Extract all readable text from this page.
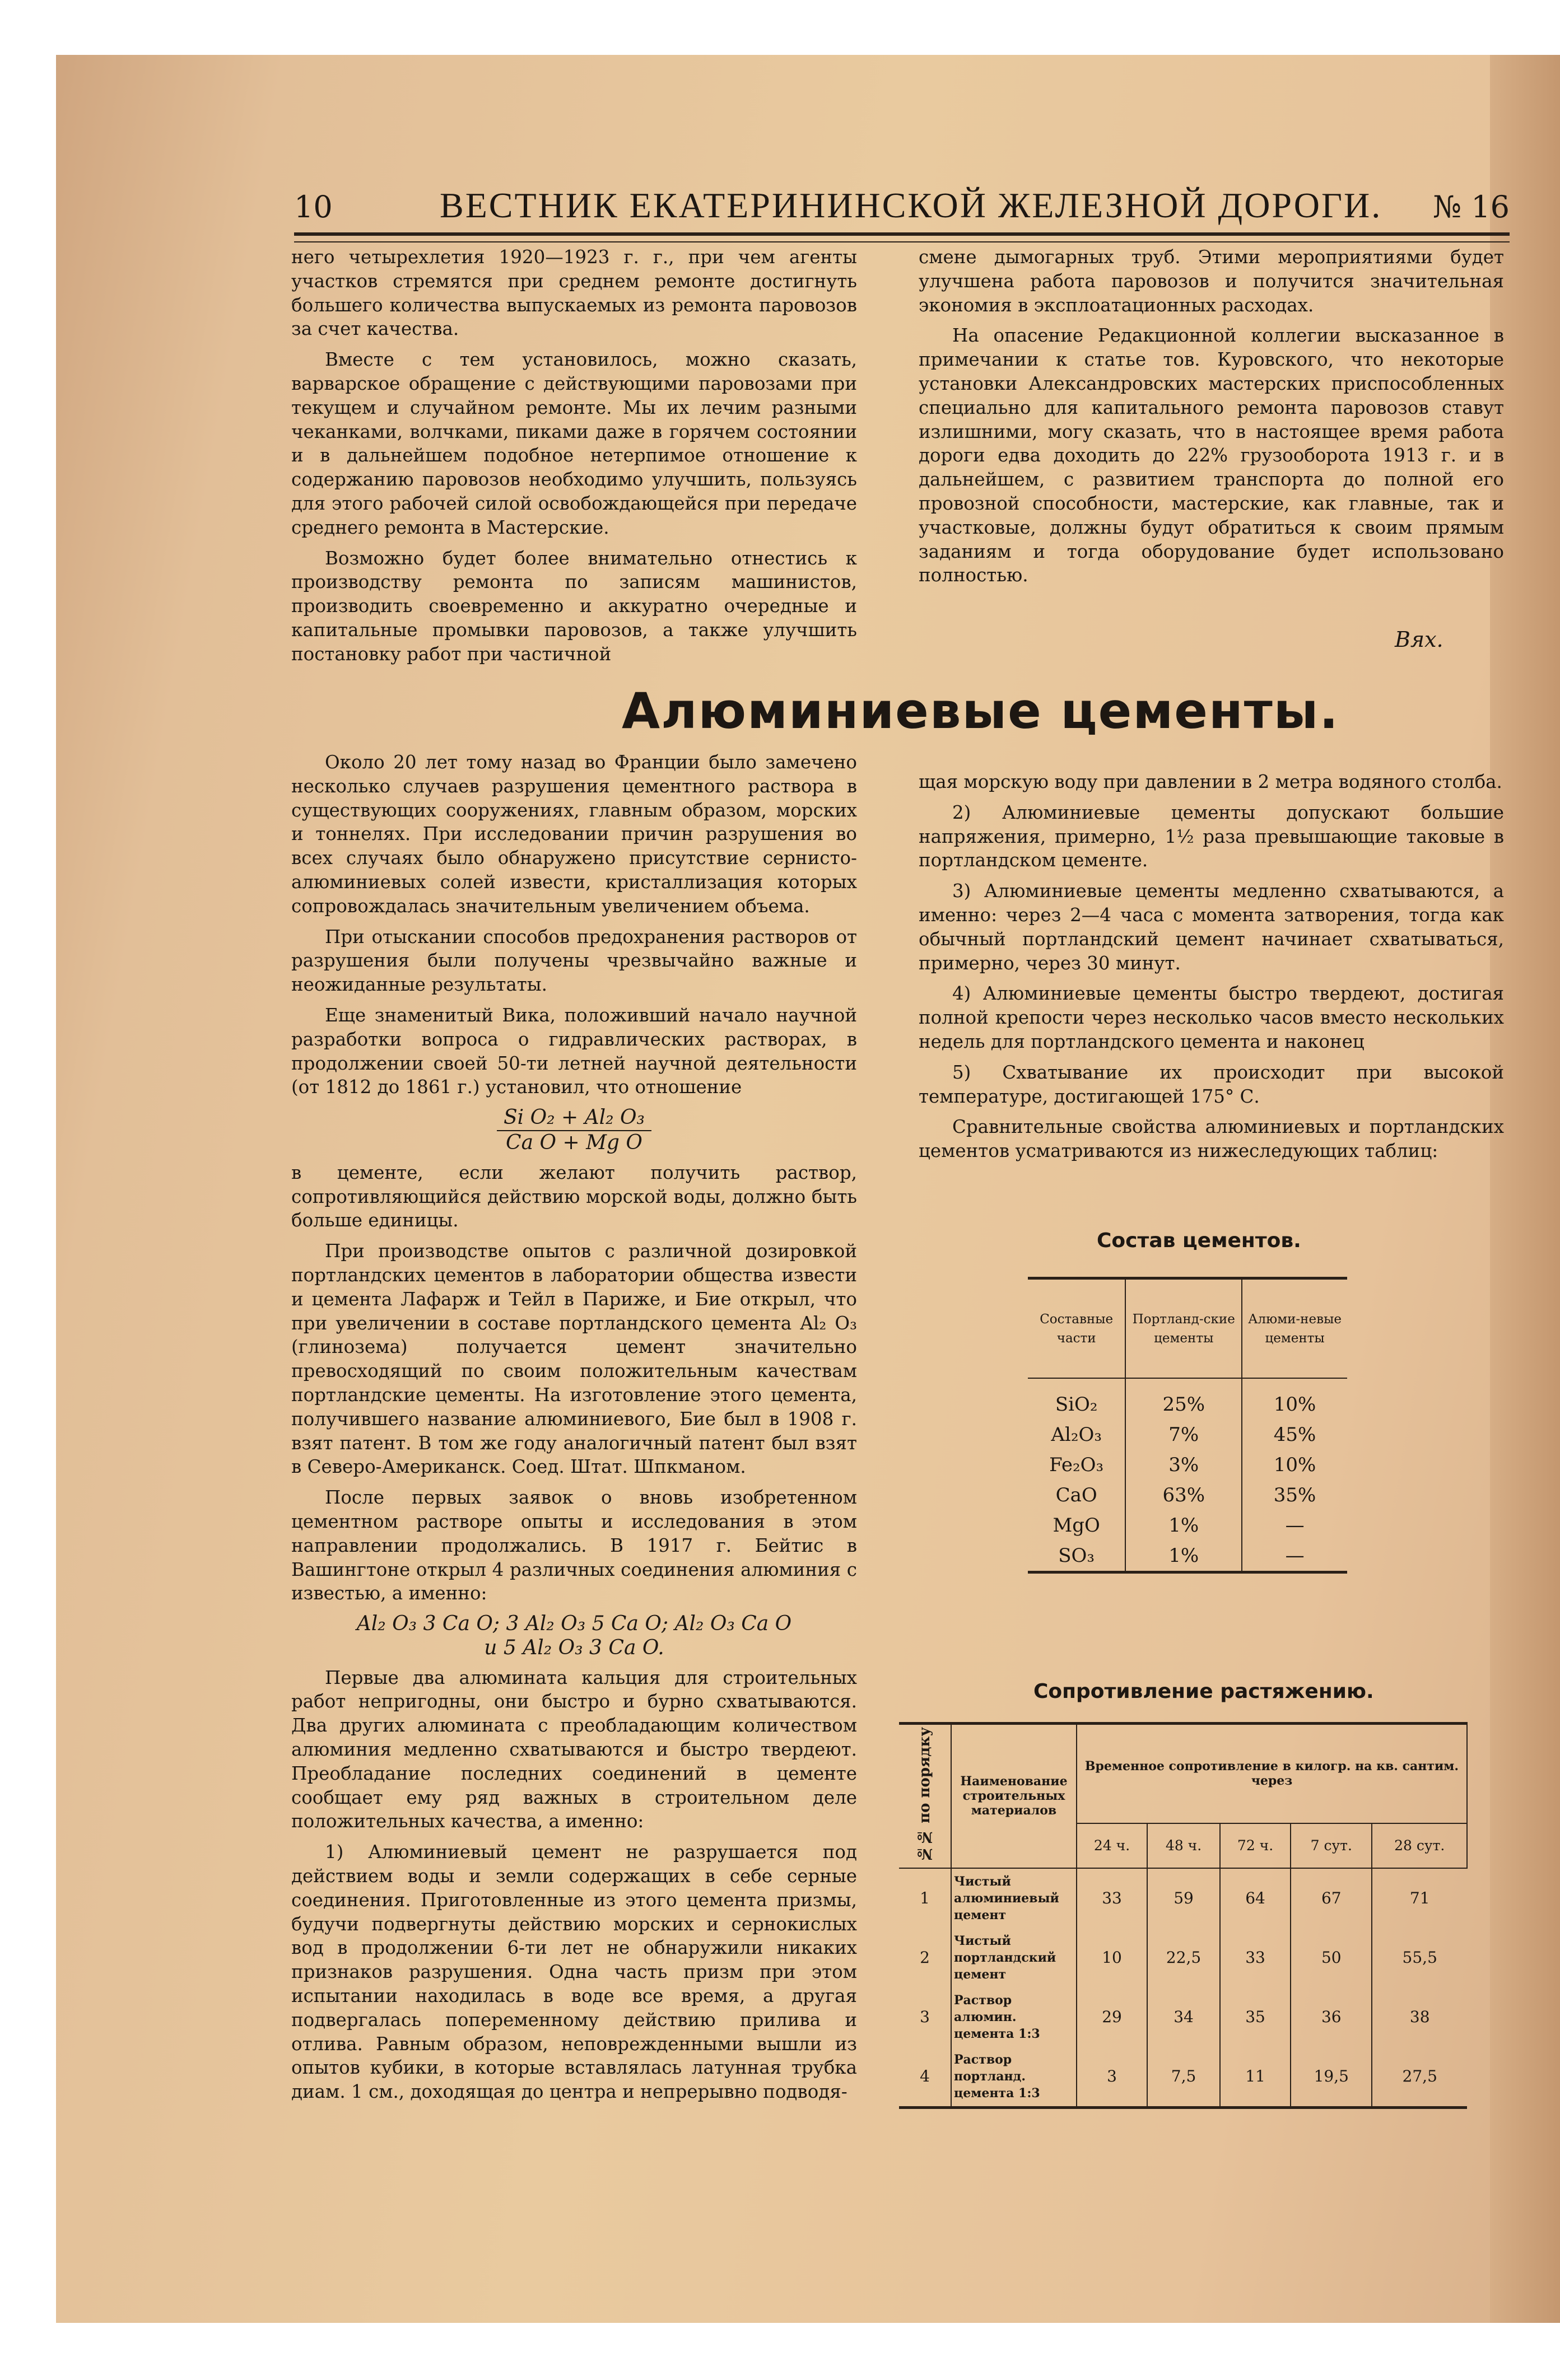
10	ВЕСТНИК ЕКАТЕРИНИНСКОЙ ЖЕЛЕЗНОЙ ДОРОГИ. № 16

него четырехлетия 1920—1923 г. г., при чем агенты участков стремятся при среднем ремонте достигнуть большего количества выпускаемых из ремонта паровозов за счет качества.

Вместе с тем установилось, можно сказать, варварское обращение с действующими паровозами при текущем и случайном ремонте. Мы их лечим разными чеканками, волчками, пиками даже в горячем состоянии и в дальнейшем подобное нетерпимое отношение к содержанию паровозов необходимо улучшить, пользуясь для этого рабочей силой освобождающейся при передаче среднего ремонта в Мастерские.

Возможно будет более внимательно отнестись к производству ремонта по записям машинистов, производить своевременно и аккуратно очередные и капитальные промывки паровозов, а также улучшить постановку работ при частичной

смене дымогарных труб. Этими мероприятиями будет улучшена работа паровозов и получится значительная экономия в эксплоатационных расходах.

На опасение Редакционной коллегии высказанное в примечании к статье тов. Куровского, что некоторые установки Александровских мастерских приспособленных специально для капитального ремонта паровозов ставут излишними, могу сказать, что в настоящее время работа дороги едва доходить до 22% грузооборота 1913 г. и в дальнейшем, с развитием транспорта до полной его провозной способности, мастерские, как главные, так и участковые, должны будут обратиться к своим прямым заданиям и тогда оборудование будет использовано полностью.

Вях.
Алюминиевые цементы.

Около 20 лет тому назад во Франции было замечено несколько случаев разрушения цементного раствора в существующих сооружениях, главным образом, морских и тоннелях. При исследовании причин разрушения во всех случаях было обнаружено присутствие сернисто-алюминиевых солей извести, кристаллизация которых сопровождалась значительным увеличением объема.

При отыскании способов предохранения растворов от разрушения были получены чрезвычайно важные и неожиданные результаты.

Еще знаменитый Вика, положивший начало научной разработки вопроса о гидравлических растворах, в продолжении своей 50-ти летней научной деятельности (от 1812 до 1861 г.) установил, что отношение

$\frac{\text{Si O₂ + Al₂ O₃}}{\text{Ca O + Mg O}}$

в цементе, если желают получить раствор, сопротивляющийся действию морской воды, должно быть больше единицы.

При производстве опытов с различной дозировкой портландских цементов в лаборатории общества извести и цемента Лафарж и Тейл в Париже, и Бие открыл, что при увеличении в составе портландского цемента Al₂ O₃ (глинозема) получается цемент значительно превосходящий по своим положительным качествам портландские цементы. На изготовление этого цемента, получившего название алюминиевого, Бие был в 1908 г. взят патент. В том же году аналогичный патент был взят в Северо-Американск. Соед. Штат. Шпкманом.

После первых заявок о вновь изобретенном цементном растворе опыты и исследования в этом направлении продолжались. В 1917 г. Бейтис в Вашингтоне открыл 4 различных соединения алюминия с известью, а именно:

Al₂ O₃ 3 Ca O; 3 Al₂ O₃ 5 Ca O; Al₂ O₃ Ca O
и 5 Al₂ O₃ 3 Ca O.

Первые два алюмината кальция для строительных работ непригодны, они быстро и бурно схватываются. Два других алюмината с преобладающим количеством алюминия медленно схватываются и быстро твердеют. Преобладание последних соединений в цементе сообщает ему ряд важных в строительном деле положительных качества, а именно:

1) Алюминиевый цемент не разрушается под действием воды и земли содержащих в себе серные соединения. Приготовленные из этого цемента призмы, будучи подвергнуты действию морских и сернокислых вод в продолжении 6-ти лет не обнаружили никаких признаков разрушения. Одна часть призм при этом испытании находилась в воде все время, а другая подвергалась попеременному действию прилива и отлива. Равным образом, неповрежденными вышли из опытов кубики, в которые вставлялась латунная трубка диам. 1 см., доходящая до центра и непрерывно подводя-

щая морскую воду при давлении в 2 метра водяного столба.

2) Алюминиевые цементы допускают большие напряжения, примерно, 1½ раза превышающие таковые в портландском цементе.

3) Алюминиевые цементы медленно схватываются, а именно: через 2—4 часа с момента затворения, тогда как обычный портландский цемент начинает схватываться, примерно, через 30 минут.

4) Алюминиевые цементы быстро твердеют, достигая полной крепости через несколько часов вместо нескольких недель для портландского цемента и наконец

5) Схватывание их происходит при высокой температуре, достигающей 175° С.

Сравнительные свойства алюминиевых и портландских цементов усматриваются из нижеследующих таблиц:

Состав цементов.
Составные части	Портланд-ские цементы	Алюми-невые цементы
SiO₂	25%	10%
Al₂O₃	7%	45%
Fe₂O₃	3%	10%
CaO	63%	35%
MgO	1%	—
SO₃	1%	—
Сопротивление растяжению.
№№ по порядку	Наименование строительных материалов	Временное сопротивление в килогр. на кв. сантим. через				
		24 ч.	48 ч.	72 ч.	7 сут.	28 сут.
1	Чистый алюминиевый цемент	33	59	64	67	71
2	Чистый портландский цемент	10	22,5	33	50	55,5
3	Раствор алюмин. цемента 1:3	29	34	35	36	38
4	Раствор портланд. цемента 1:3	3	7,5	11	19,5	27,5
